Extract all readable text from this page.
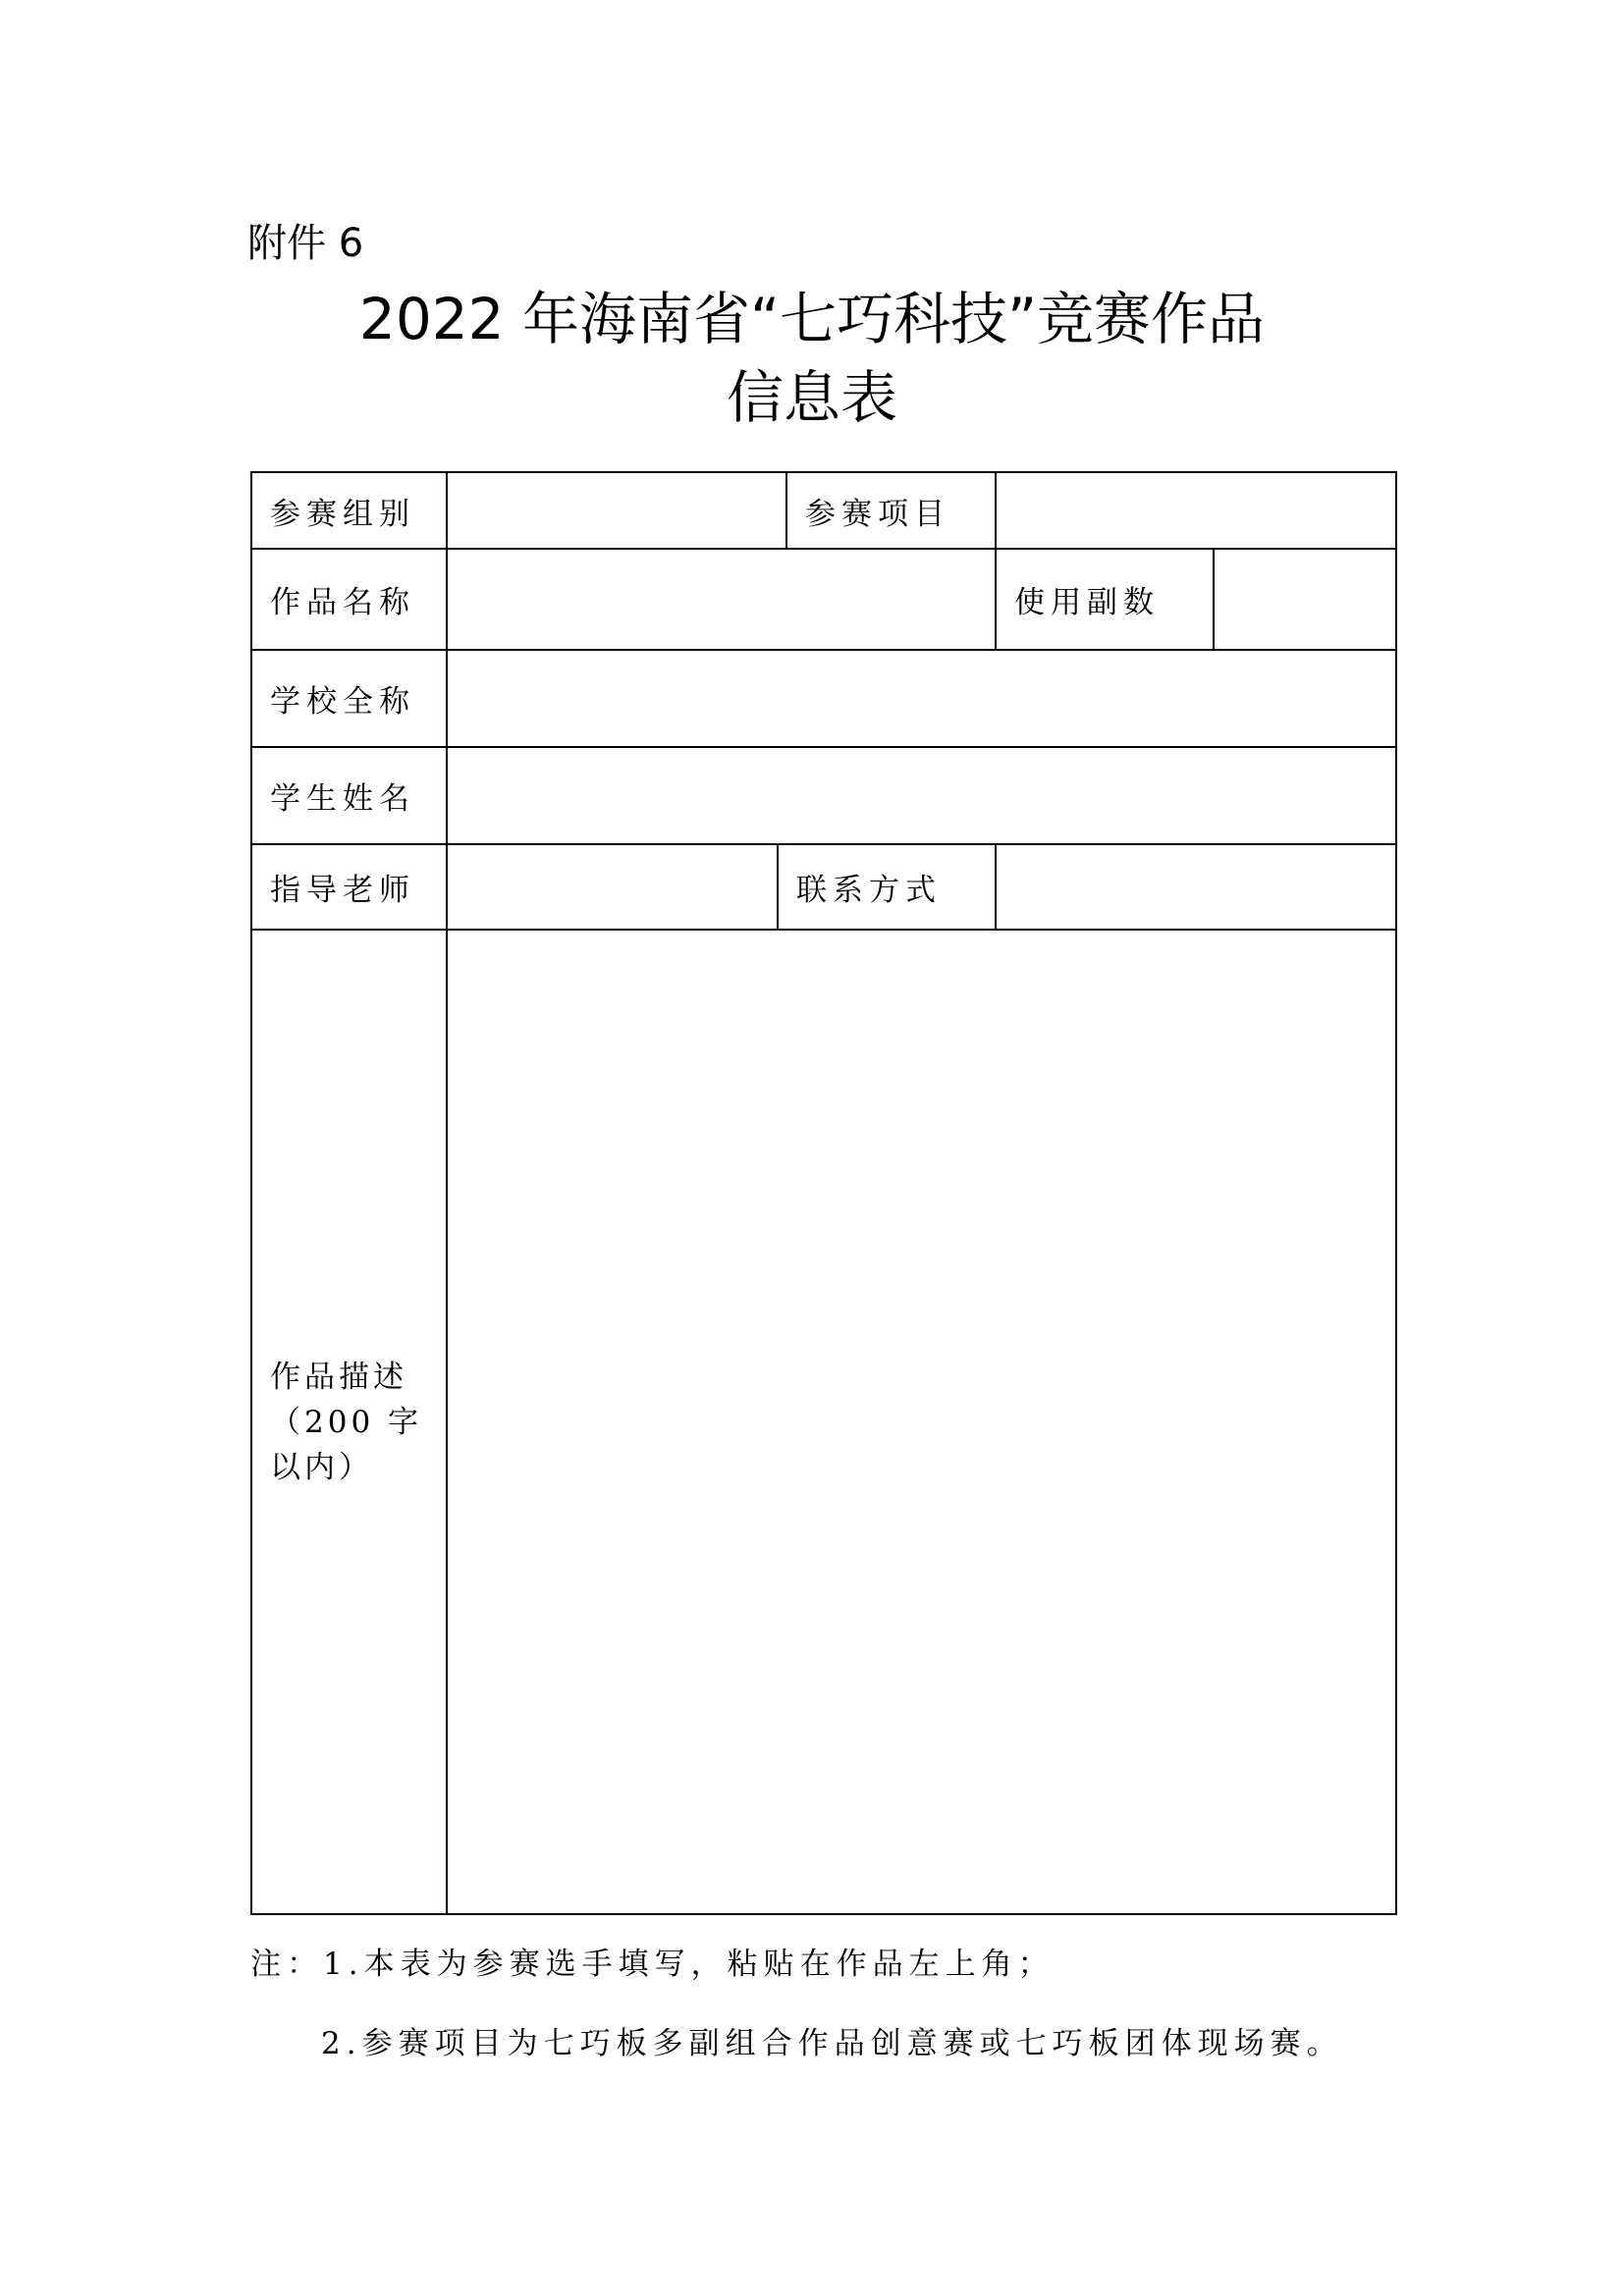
附件 6
2022 年海南省“七巧科技”竞赛作品
信息表
参赛组别			参赛项目		
作品名称				使用副数	
学校全称					
学生姓名					
指导老师		联系方式			
作品描述（200 字以内）					
注：1.本表为参赛选手填写，粘贴在作品左上角；
2.参赛项目为七巧板多副组合作品创意赛或七巧板团体现场赛。
